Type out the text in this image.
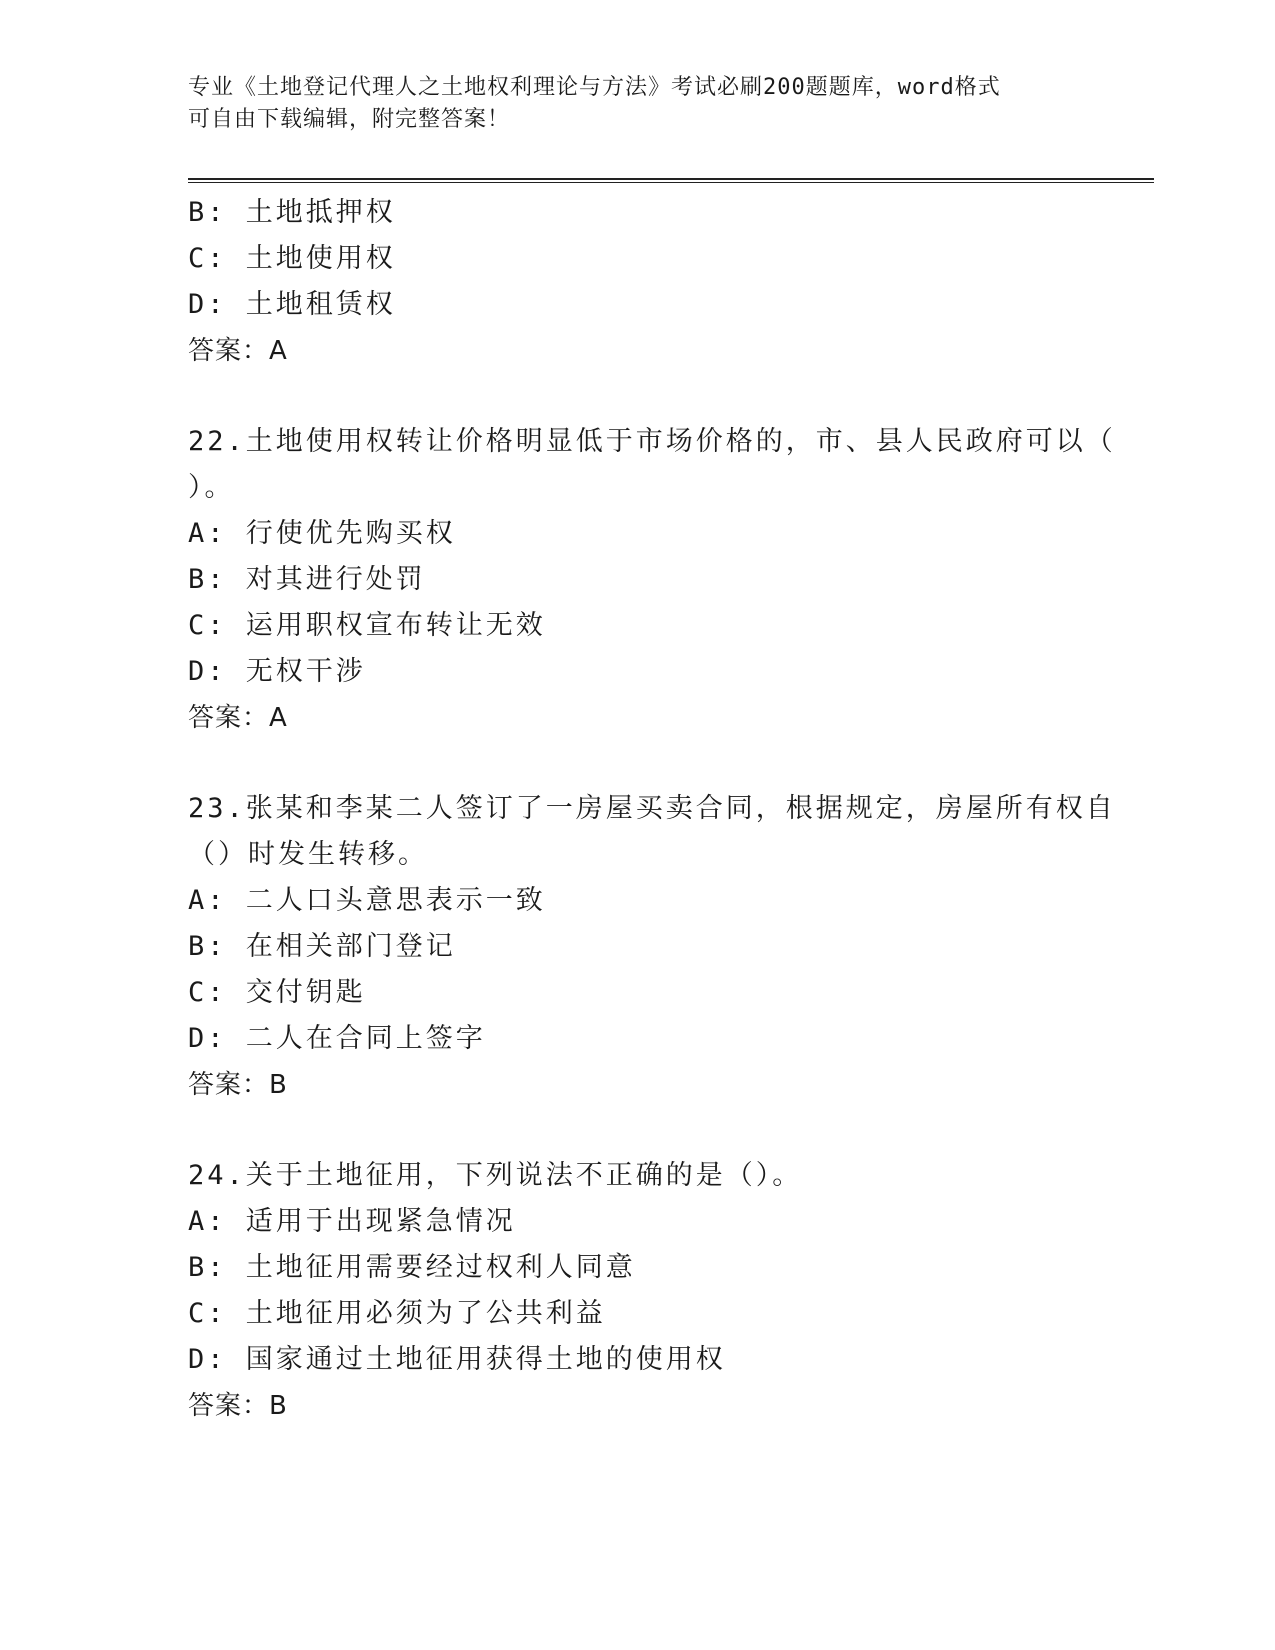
专业《土地登记代理人之土地权利理论与方法》考试必刷200题题库，word格式

可自由下载编辑，附完整答案！

B: 土地抵押权
C: 土地使用权
D: 土地租赁权
答案：A
22.土地使用权转让价格明显低于市场价格的，市、县人民政府可以（
）。
A: 行使优先购买权
B: 对其进行处罚
C: 运用职权宣布转让无效
D: 无权干涉
答案：A
23.张某和李某二人签订了一房屋买卖合同，根据规定，房屋所有权自
（）时发生转移。
A: 二人口头意思表示一致
B: 在相关部门登记
C: 交付钥匙
D: 二人在合同上签字
答案：B
24.关于土地征用，下列说法不正确的是（）。
A: 适用于出现紧急情况
B: 土地征用需要经过权利人同意
C: 土地征用必须为了公共利益
D: 国家通过土地征用获得土地的使用权
答案：B
